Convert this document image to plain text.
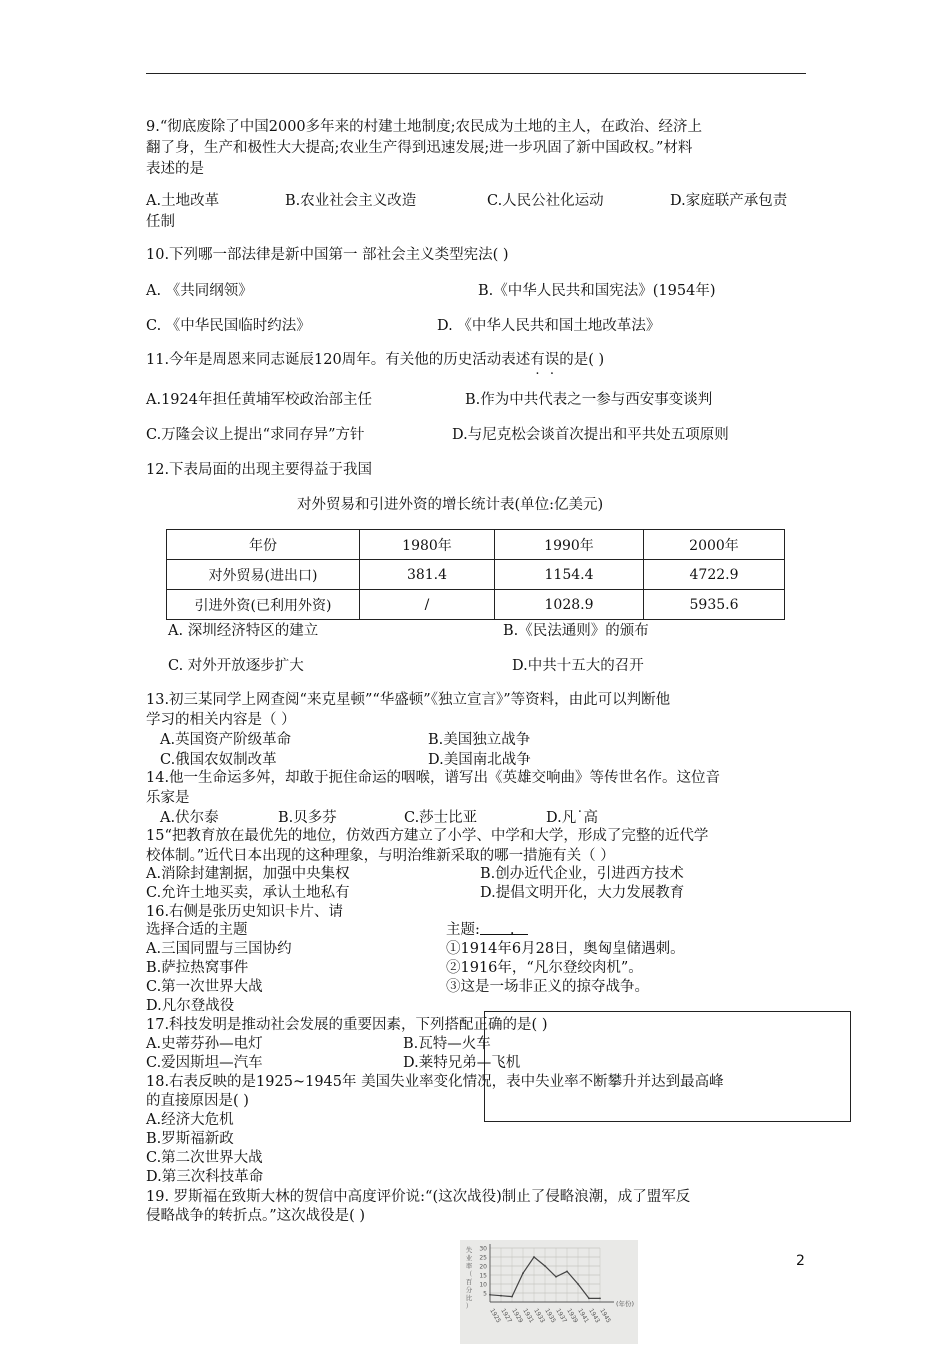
9.“彻底废除了中国2000多年来的村建土地制度;农民成为土地的主人，在政治、经济上
翻了身，生产和极性大大提高;农业生产得到迅速发展;进一步巩固了新中国政权。”材料
表述的是
A.土地改革	B.农业社会主义改造	C.人民公社化运动	D.家庭联产承包责
任制
10.下列哪一部法律是新中国第一 部社会主义类型宪法( )
A. 《共同纲领》	B.《中华人民共和国宪法》(1954年)
C. 《中华民国临时约法》	D. 《中华人民共和国土地改革法》
11.今年是周恩来同志诞辰120周年。有关他的历史活动表述有误的是( )
A.1924年担任黄埔军校政治部主任	B.作为中共代表之一参与西安事变谈判
C.万隆会议上提出“求同存异”方针	D.与尼克松会谈首次提出和平共处五项原则
12.下表局面的出现主要得益于我国
对外贸易和引进外资的增长统计表(单位:亿美元)
年份	1980年	1990年	2000年
对外贸易(进出口)	381.4	1154.4	4722.9
引进外资(已利用外资)	/	1028.9	5935.6
A. 深圳经济特区的建立	B.《民法通则》的颁布
C. 对外开放逐步扩大	D.中共十五大的召开
13.初三某同学上网查阅“来克星顿”“华盛顿”《独立宣言》”等资料，由此可以判断他
学习的相关内容是（ ）
A.英国资产阶级革命	B.美国独立战争
C.俄国农奴制改革	D.美国南北战争
14.他一生命运多舛，却敢于扼住命运的咽喉，谱写出《英雄交响曲》等传世名作。这位音
乐家是
A.伏尔泰	B.贝多芬	C.莎士比亚	D.凡˙高
15“把教育放在最优先的地位，仿效西方建立了小学、中学和大学，形成了完整的近代学
校体制。”近代日本出现的这种理象，与明治维新采取的哪一措施有关（ ）
A.消除封建割据，加强中央集权	B.创办近代企业，引进西方技术
C.允许土地买卖，承认土地私有	D.提倡文明开化，大力发展教育
16.右侧是张历史知识卡片、请
选择合适的主题
A.三国同盟与三国协约
B.萨拉热窝事件
C.第一次世界大战
D.凡尔登战役
主题: .
①1914年6月28日，奥匈皇储遇刺。
②1916年，“凡尔登绞肉机”。
③这是一场非正义的掠夺战争。
17.科技发明是推动社会发展的重要因素，下列搭配正确的是( )
A.史蒂芬孙—电灯	B.瓦特—火车
C.爱因斯坦—汽车	D.莱特兄弟—飞机
18.右表反映的是1925~1945年 美国失业率变化情况，表中失业率不断攀升并达到最高峰
的直接原因是( )
A.经济大危机
B.罗斯福新政
C.第二次世界大战
D.第三次科技革命
19. 罗斯福在致斯大林的贺信中高度评价说:“(这次战役)制止了侵略浪潮，成了盟军反
侵略战争的转折点。”这次战役是( )
2
5
10
15
20
25
30
失
业
率
（
百
分
比
）	(年份)
1925
1927
1929
1931
1933
1935
1937
1939
1941
1943
1945
